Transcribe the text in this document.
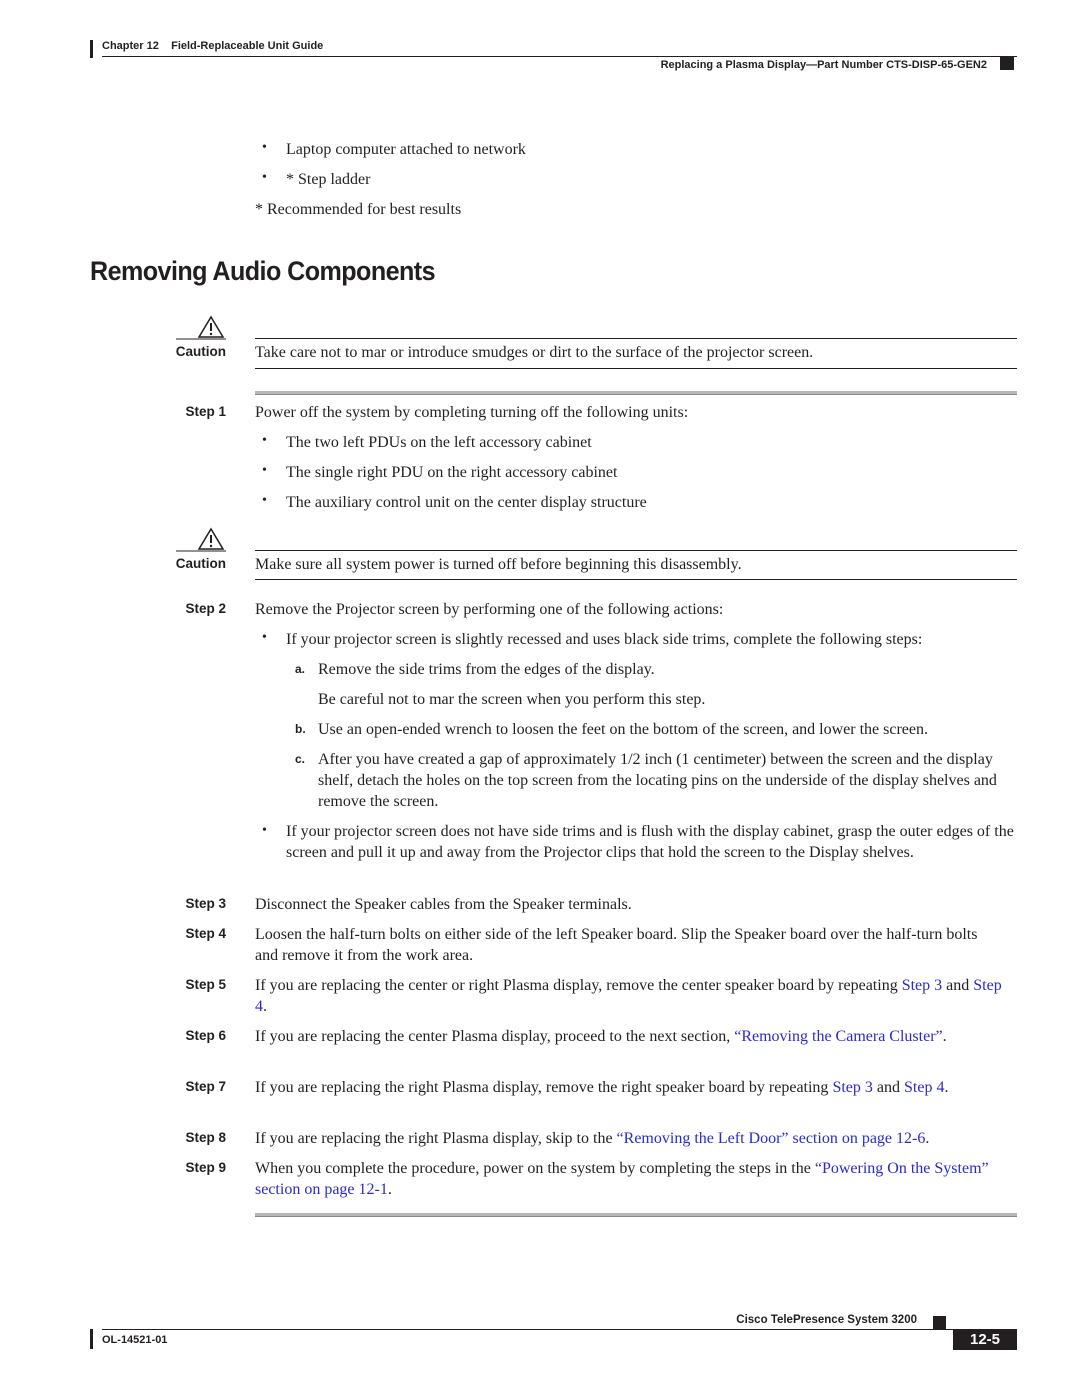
Chapter 12 Field-Replaceable Unit Guide
Replacing a Plasma Display—Part Number CTS-DISP-65-GEN2
• Laptop computer attached to network
• * Step ladder
* Recommended for best results
Removing Audio Components
Caution Take care not to mar or introduce smudges or dirt to the surface of the projector screen.
Step 1 Power off the system by completing turning off the following units:
• The two left PDUs on the left accessory cabinet
• The single right PDU on the right accessory cabinet
• The auxiliary control unit on the center display structure
Caution Make sure all system power is turned off before beginning this disassembly.
Step 2 Remove the Projector screen by performing one of the following actions:
• If your projector screen is slightly recessed and uses black side trims, complete the following steps:
a. Remove the side trims from the edges of the display.
Be careful not to mar the screen when you perform this step.
b. Use an open-ended wrench to loosen the feet on the bottom of the screen, and lower the screen.
c. After you have created a gap of approximately 1/2 inch (1 centimeter) between the screen and the display shelf, detach the holes on the top screen from the locating pins on the underside of the display shelves and remove the screen.
• If your projector screen does not have side trims and is flush with the display cabinet, grasp the outer edges of the screen and pull it up and away from the Projector clips that hold the screen to the Display shelves.
Step 3 Disconnect the Speaker cables from the Speaker terminals.
Step 4 Loosen the half-turn bolts on either side of the left Speaker board. Slip the Speaker board over the half-turn bolts and remove it from the work area.
Step 5 If you are replacing the center or right Plasma display, remove the center speaker board by repeating Step 3 and Step 4.
Step 6 If you are replacing the center Plasma display, proceed to the next section, “Removing the Camera Cluster”.
Step 7 If you are replacing the right Plasma display, remove the right speaker board by repeating Step 3 and Step 4.
Step 8 If you are replacing the right Plasma display, skip to the “Removing the Left Door” section on page 12-6.
Step 9 When you complete the procedure, power on the system by completing the steps in the “Powering On the System” section on page 12-1.
Cisco TelePresence System 3200
OL-14521-01	12-5
